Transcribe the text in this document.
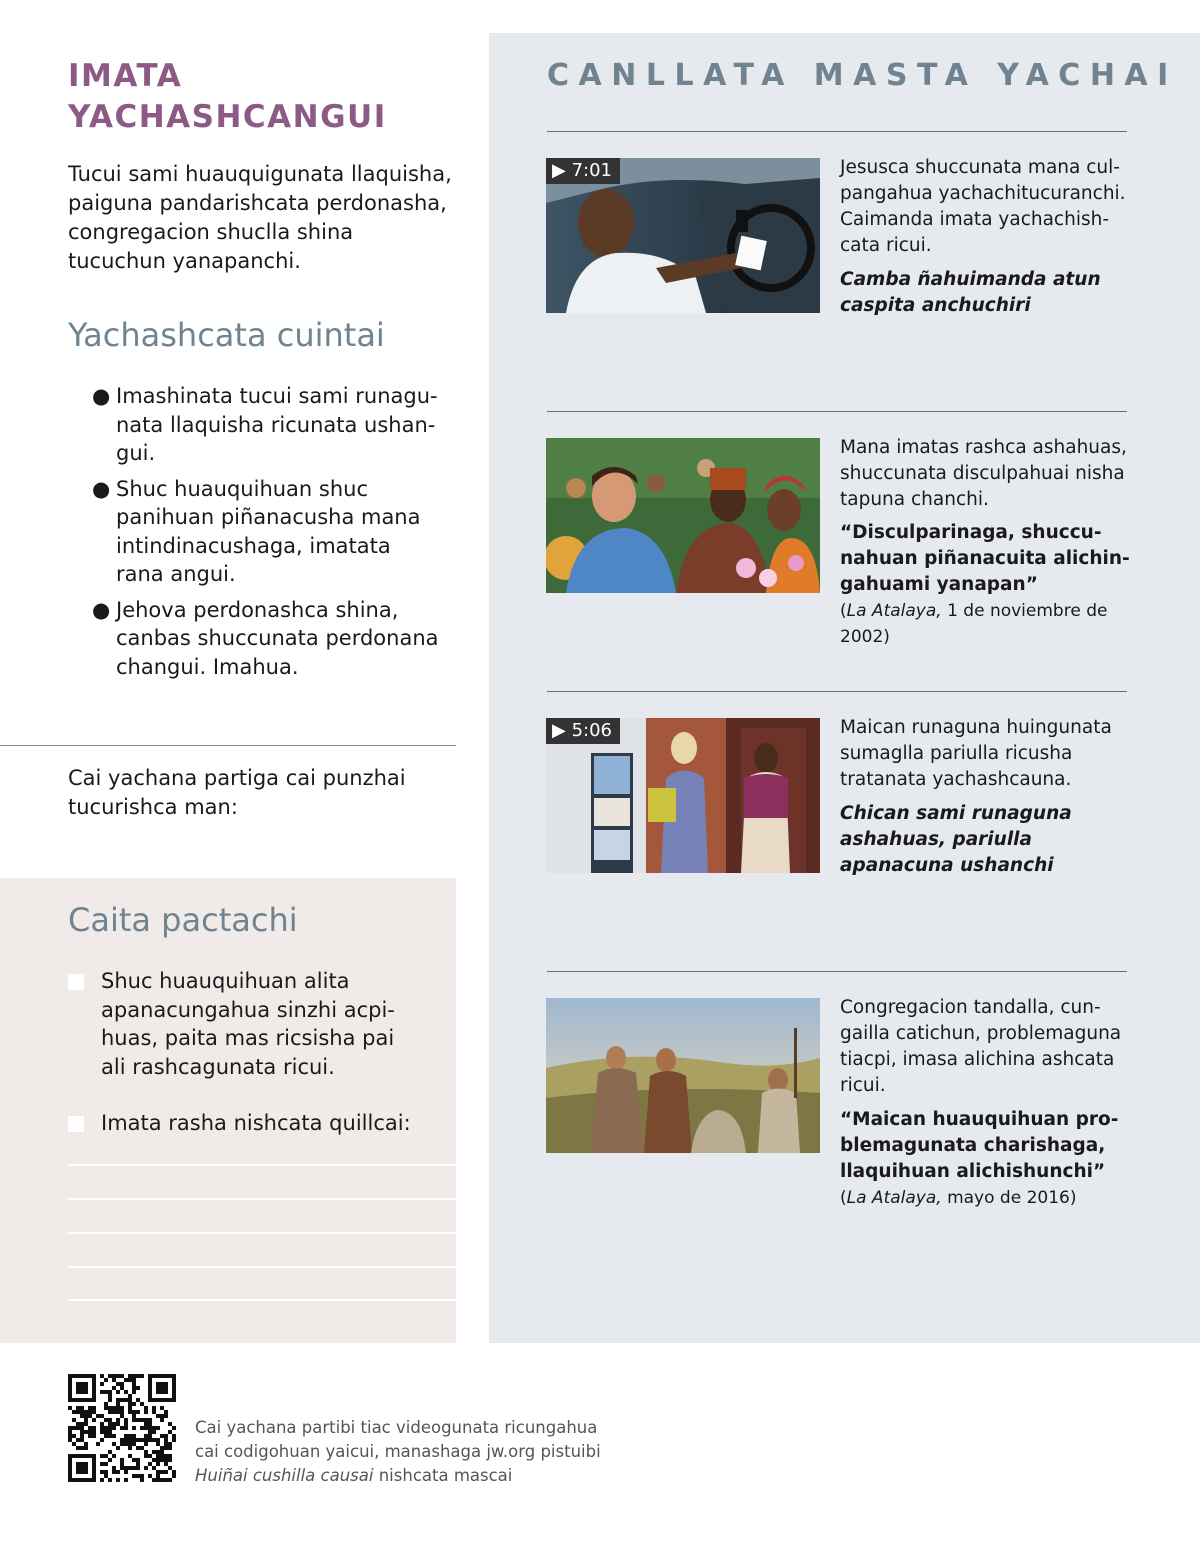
IMATA YACHASHCANGUI

Tucui sami huauquigunata llaquisha, paiguna pandarishcata perdonasha, congregacion shuclla shina tucuchun yanapanchi.

Yachashcata cuintai
● Imashinata tucui sami runagunata llaquisha ricunata ushangui.
● Shuc huauquihuan shuc panihuan piñanacusha mana intindinacushaga, imatata rana angui.
● Jehova perdonashca shina, canbas shuccunata perdonana changui. Imahua.

Cai yachana partiga cai punzhai tucurishca man:

Caita pactachi

Shuc huauquihuan alita apanacungahua sinzhi acpihuas, paita mas ricsisha pai ali rashcagunata ricui.

Imata rasha nishcata quillcai:

CANLLATA MASTA YACHAI
▶ 7:01	Jesusca shuccunata mana culpangahua yachachitucuranchi. Caimanda imata yachachishcata ricui.

Camba ñahuimanda atun caspita anchuchiri

Mana imatas rashca ashahuas, shuccunata disculpahuai nisha tapuna chanchi.

“Disculparinaga, shuccunahuan piñanacuita alichingahuami yanapan”

(La Atalaya, 1 de noviembre de 2002)

▶ 5:06	Maican runaguna huingunata sumaglla pariulla ricusha tratanata yachashcauna.

Chican sami runaguna ashahuas, pariulla apanacuna ushanchi

Congregacion tandalla, cungailla catichun, problemaguna tiacpi, imasa alichina ashcata ricui.

“Maican huauquihuan problemagunata charishaga, llaquihuan alichishunchi”

(La Atalaya, mayo de 2016)

Cai yachana partibi tiac videogunata ricungahua
cai codigohuan yaicui, manashaga jw.org pistuibi
Huiñai cushilla causai nishcata mascai
